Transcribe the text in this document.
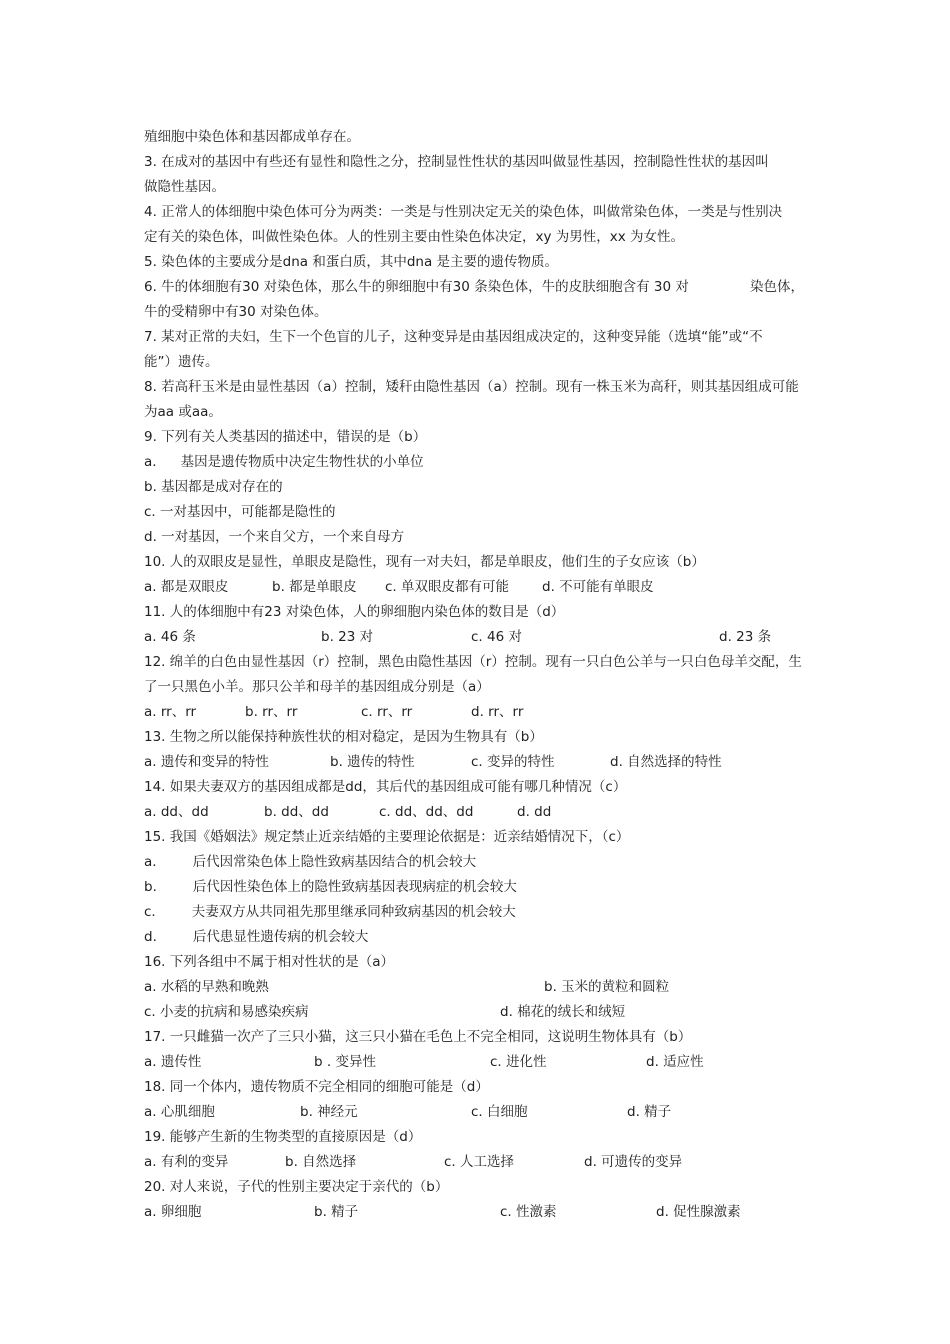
殖细胞中染色体和基因都成单存在。
3. 在成对的基因中有些还有显性和隐性之分，控制显性性状的基因叫做显性基因，控制隐性性状的基因叫
做隐性基因。
4. 正常人的体细胞中染色体可分为两类：一类是与性别决定无关的染色体，叫做常染色体，一类是与性别决
定有关的染色体，叫做性染色体。人的性别主要由性染色体决定，xy 为男性，xx 为女性。
5. 染色体的主要成分是dna 和蛋白质，其中dna 是主要的遗传物质。
6. 牛的体细胞有30 对染色体，那么牛的卵细胞中有30 条染色体，牛的皮肤细胞含有 30 对	染色体，
牛的受精卵中有30 对染色体。
7. 某对正常的夫妇，生下一个色盲的儿子，这种变异是由基因组成决定的，这种变异能（选填“能”或“不
能”）遗传。
8. 若高秆玉米是由显性基因（a）控制，矮秆由隐性基因（a）控制。现有一株玉米为高秆，则其基因组成可能
为aa 或aa。
9. 下列有关人类基因的描述中，错误的是（b）
a. 基因是遗传物质中决定生物性状的小单位
b. 基因都是成对存在的
c. 一对基因中，可能都是隐性的
d. 一对基因，一个来自父方，一个来自母方
10. 人的双眼皮是显性，单眼皮是隐性，现有一对夫妇，都是单眼皮，他们生的子女应该（b）
a. 都是双眼皮	b. 都是单眼皮 c. 单双眼皮都有可能 d. 不可能有单眼皮
11. 人的体细胞中有23 对染色体，人的卵细胞内染色体的数目是（d）
a. 46 条	b. 23 对	c. 46 对	d. 23 条
12. 绵羊的白色由显性基因（r）控制，黑色由隐性基因（r）控制。现有一只白色公羊与一只白色母羊交配，生
了一只黑色小羊。那只公羊和母羊的基因组成分别是（a）
a. rr、rr	b. rr、rr	c. rr、rr	d. rr、rr
13. 生物之所以能保持种族性状的相对稳定，是因为生物具有（b）
a. 遗传和变异的特性	b. 遗传的特性	c. 变异的特性	d. 自然选择的特性
14. 如果夫妻双方的基因组成都是dd，其后代的基因组成可能有哪几种情况（c）
a. dd、dd	b. dd、dd	c. dd、dd、dd	d. dd
15. 我国《婚姻法》规定禁止近亲结婚的主要理论依据是：近亲结婚情况下，（c）
a.	后代因常染色体上隐性致病基因结合的机会较大
b.	后代因性染色体上的隐性致病基因表现病症的机会较大
c.	夫妻双方从共同祖先那里继承同种致病基因的机会较大
d.	后代患显性遗传病的机会较大
16. 下列各组中不属于相对性状的是（a）
a. 水稻的早熟和晚熟	b. 玉米的黄粒和圆粒
c. 小麦的抗病和易感染疾病	d. 棉花的绒长和绒短
17. 一只雌猫一次产了三只小猫，这三只小猫在毛色上不完全相同，这说明生物体具有（b）
a. 遗传性	b . 变异性	c. 进化性	d. 适应性
18. 同一个体内，遗传物质不完全相同的细胞可能是（d）
a. 心肌细胞	b. 神经元	c. 白细胞	d. 精子
19. 能够产生新的生物类型的直接原因是（d）
a. 有利的变异	b. 自然选择	c. 人工选择	d. 可遗传的变异
20. 对人来说，子代的性别主要决定于亲代的（b）
a. 卵细胞	b. 精子	c. 性激素	d. 促性腺激素
